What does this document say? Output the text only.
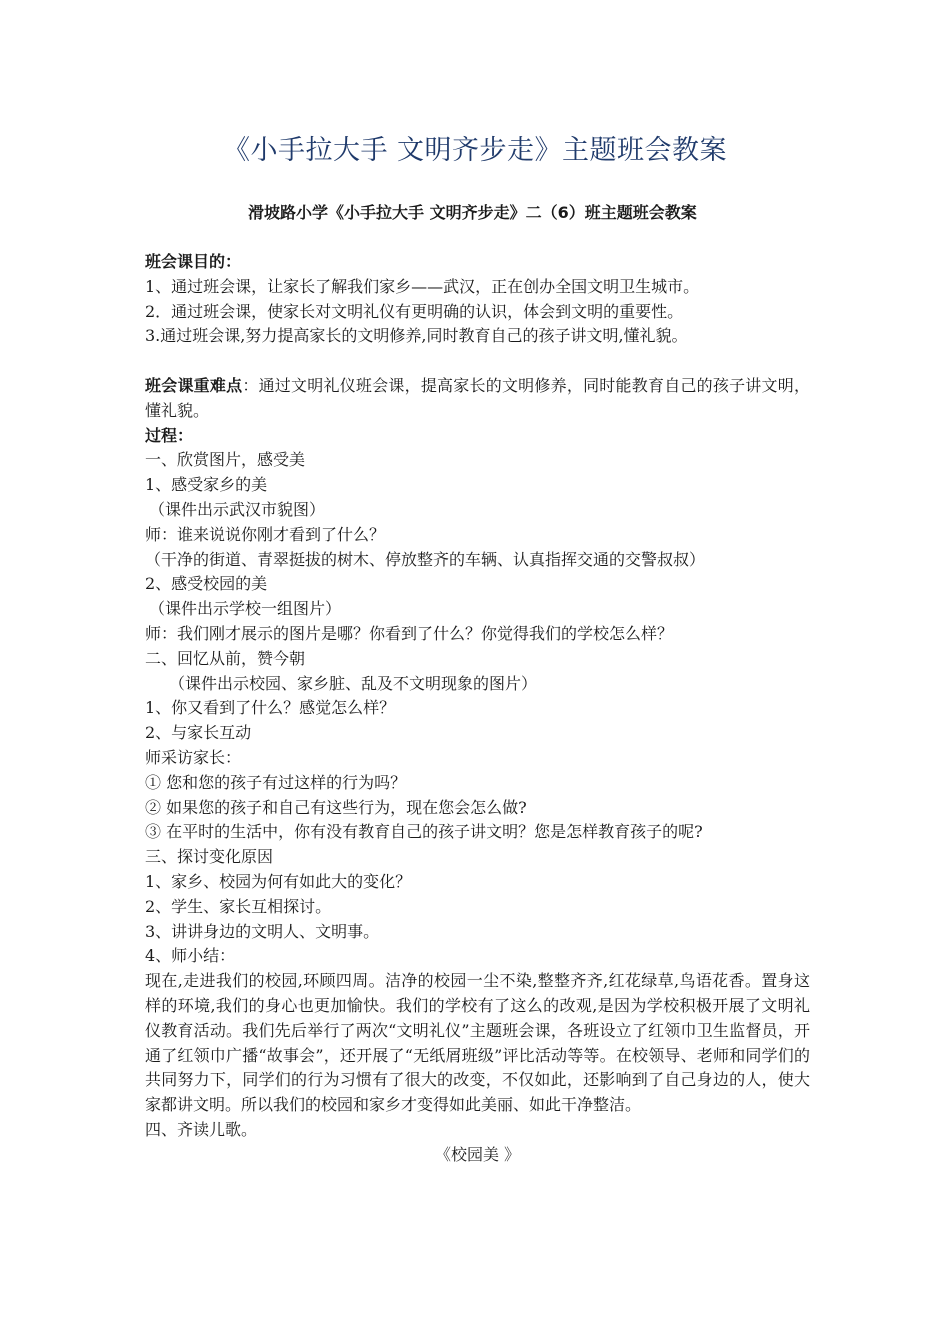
《小手拉大手 文明齐步走》主题班会教案
滑坡路小学《小手拉大手 文明齐步走》二（6）班主题班会教案
班会课目的：
1、通过班会课，让家长了解我们家乡——武汉，正在创办全国文明卫生城市。
2．通过班会课，使家长对文明礼仪有更明确的认识，体会到文明的重要性。
3.通过班会课,努力提高家长的文明修养,同时教育自己的孩子讲文明,懂礼貌。
班会课重难点：通过文明礼仪班会课，提高家长的文明修养，同时能教育自己的孩子讲文明，懂礼貌。
过程：
一、欣赏图片，感受美
1、感受家乡的美
（课件出示武汉市貌图）
师：谁来说说你刚才看到了什么？
（干净的街道、青翠挺拔的树木、停放整齐的车辆、认真指挥交通的交警叔叔）
2、感受校园的美
（课件出示学校一组图片）
师：我们刚才展示的图片是哪？你看到了什么？你觉得我们的学校怎么样？
二、回忆从前，赞今朝
（课件出示校园、家乡脏、乱及不文明现象的图片）
1、你又看到了什么？感觉怎么样？
2、与家长互动
师采访家长：
① 您和您的孩子有过这样的行为吗？
② 如果您的孩子和自己有这些行为，现在您会怎么做?
③ 在平时的生活中，你有没有教育自己的孩子讲文明？您是怎样教育孩子的呢?
三、探讨变化原因
1、家乡、校园为何有如此大的变化？
2、学生、家长互相探讨。
3、讲讲身边的文明人、文明事。
4、师小结：
现在,走进我们的校园,环顾四周。洁净的校园一尘不染,整整齐齐,红花绿草,鸟语花香。置身这样的环境,我们的身心也更加愉快。我们的学校有了这么的改观,是因为学校积极开展了文明礼仪教育活动。我们先后举行了两次“文明礼仪”主题班会课，各班设立了红领巾卫生监督员，开通了红领巾广播“故事会”，还开展了“无纸屑班级”评比活动等等。在校领导、老师和同学们的共同努力下，同学们的行为习惯有了很大的改变，不仅如此，还影响到了自己身边的人，使大家都讲文明。所以我们的校园和家乡才变得如此美丽、如此干净整洁。
四、齐读儿歌。
《校园美 》
